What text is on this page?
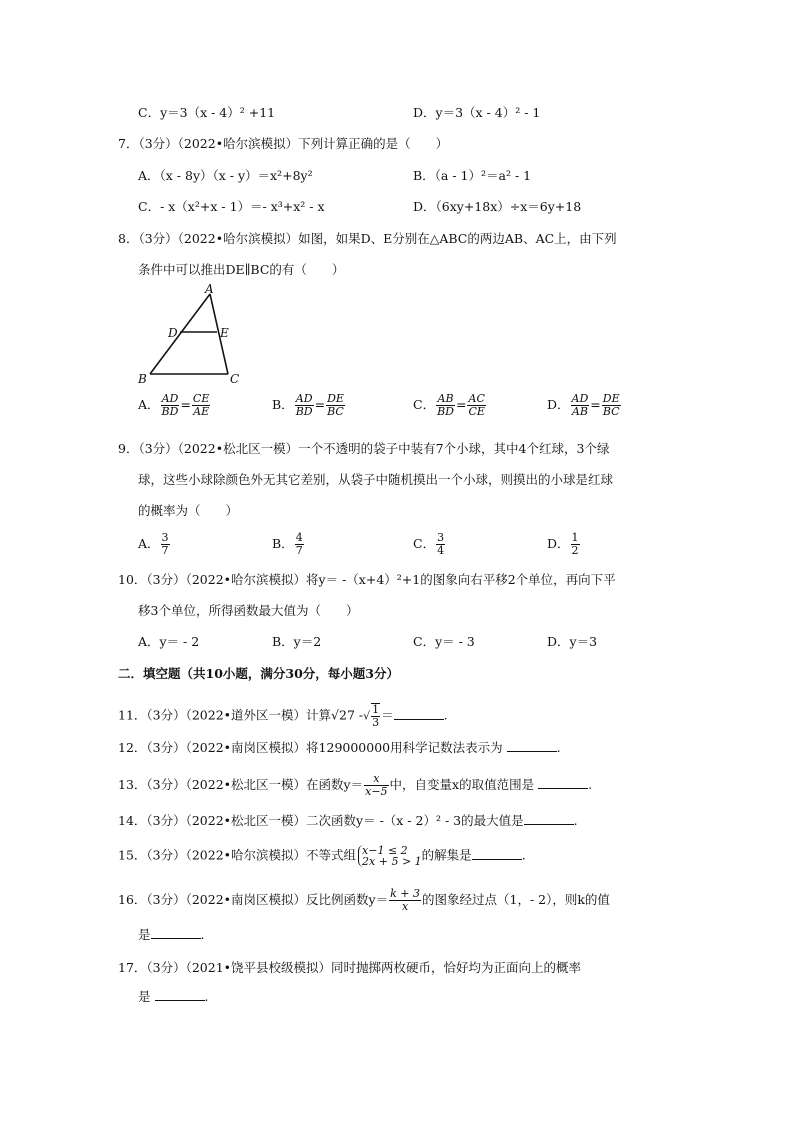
C．y＝3（x - 4）² +11	D．y＝3（x - 4）² - 1
7．（3分）（2022•哈尔滨模拟）下列计算正确的是（　　）
A．（x - 8y）（x - y）＝x²+8y²	B．（a - 1）²＝a² - 1
C．- x（x²+x - 1）＝- x³+x² - x	D．（6xy+18x）÷x＝6y+18
8．（3分）（2022•哈尔滨模拟）如图，如果D、E分别在△ABC的两边AB、AC上，由下列
条件中可以推出DE∥BC的有（　　）
A
D	E
B	C
A． $\frac{AD}{BD} = \frac{CE}{AE}$	B． $\frac{AD}{BD} = \frac{DE}{BC}$	C． $\frac{AB}{BD} = \frac{AC}{CE}$	D． $\frac{AD}{AB} = \frac{DE}{BC}$
9．（3分）（2022•松北区一模）一个不透明的袋子中装有7个小球，其中4个红球，3个绿
球，这些小球除颜色外无其它差别，从袋子中随机摸出一个小球，则摸出的小球是红球
的概率为（　　）
A． $\frac{3}{7}$	B． $\frac{4}{7}$	C． $\frac{3}{4}$	D． $\frac{1}{2}$
10．（3分）（2022•哈尔滨模拟）将y＝ -（x+4）²+1的图象向右平移2个单位，再向下平
移3个单位，所得函数最大值为（　　）
A．y＝ - 2	B．y＝2	C．y＝ - 3	D．y＝3
二．填空题（共10小题，满分30分，每小题3分）
11．（3分）（2022•道外区一模）计算√27 -√ $\frac{1}{3}$ ＝	.
12．（3分）（2022•南岗区模拟）将129000000用科学记数法表示为	.
13．（3分）（2022•松北区一模）在函数$y= \frac{x}{x-5}$ 中，自变量x的取值范围是	.
14．（3分）（2022•松北区一模）二次函数y＝ -（x - 2）² - 3的最大值是	.
15．（3分）（2022•哈尔滨模拟）不等式组 x−1 ≤ 2
2x + 5 > 1 的解集是	.
16．（3分）（2022•南岗区模拟）反比例函数$y= \frac{k + 3}{x}$ 的图象经过点（1，- 2），则k的值
是	.
17．（3分）（2021•饶平县校级模拟）同时抛掷两枚硬币，恰好均为正面向上的概率
是	.
